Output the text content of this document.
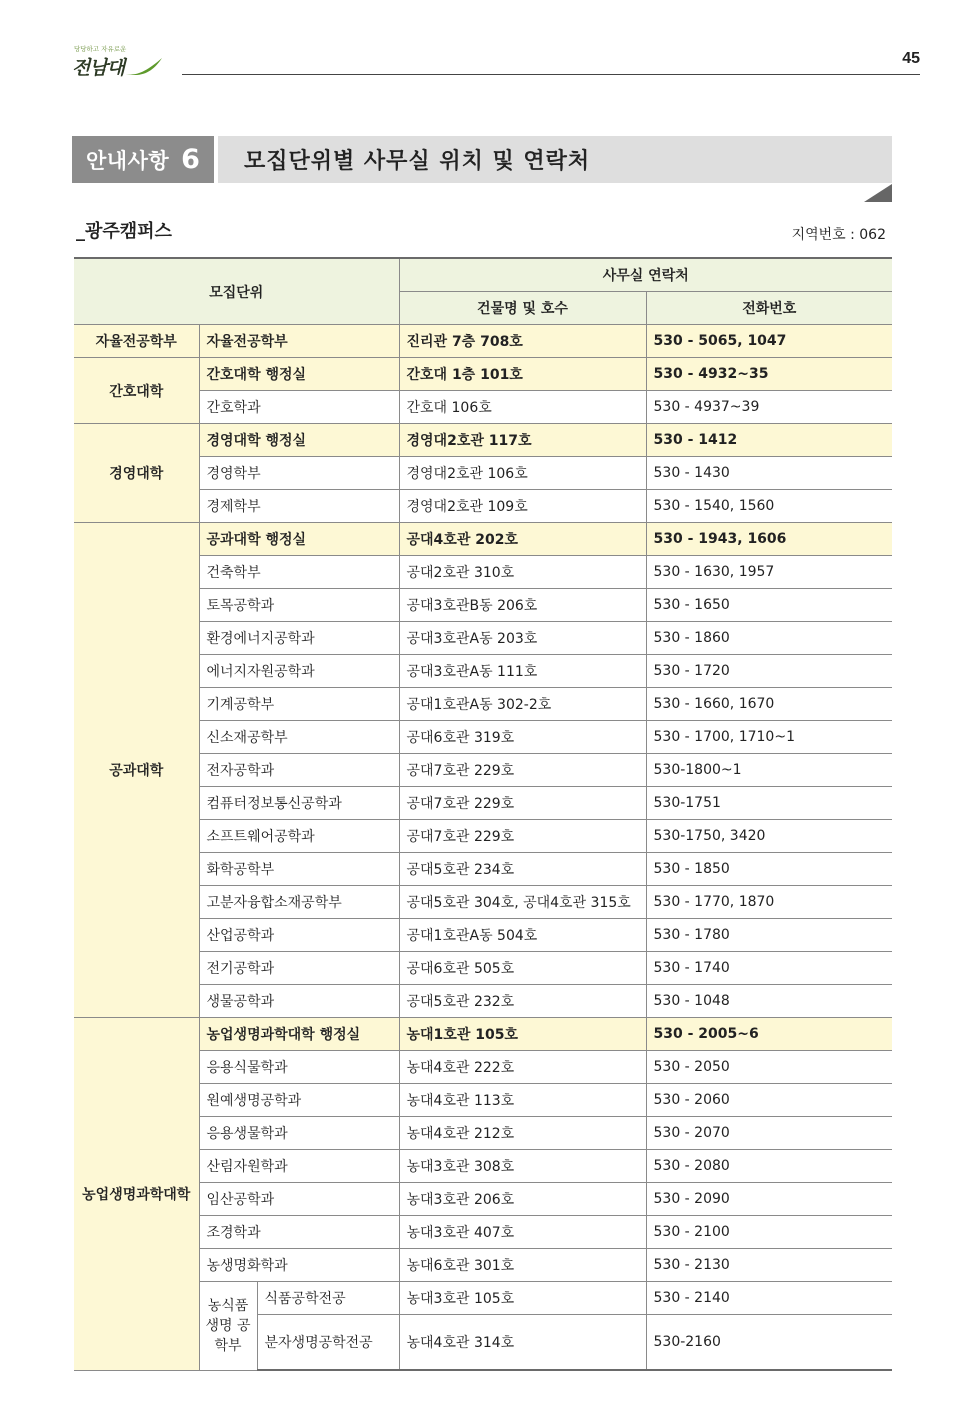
당당하고 자유로운
전남대	45
안내사항 6 모집단위별 사무실 위치 및 연락처
_광주캠퍼스	지역번호 : 062
모집단위			사무실 연락처	
			건물명 및 호수	전화번호
자율전공학부	자율전공학부		진리관 7층 708호	530 - 5065, 1047
간호대학	간호대학 행정실		간호대 1층 101호	530 - 4932~35
	간호학과		간호대 106호	530 - 4937~39
경영대학	경영대학 행정실		경영대2호관 117호	530 - 1412
	경영학부		경영대2호관 106호	530 - 1430
	경제학부		경영대2호관 109호	530 - 1540, 1560
공과대학	공과대학 행정실		공대4호관 202호	530 - 1943, 1606
	건축학부		공대2호관 310호	530 - 1630, 1957
	토목공학과		공대3호관B동 206호	530 - 1650
	환경에너지공학과		공대3호관A동 203호	530 - 1860
	에너지자원공학과		공대3호관A동 111호	530 - 1720
	기계공학부		공대1호관A동 302-2호	530 - 1660, 1670
	신소재공학부		공대6호관 319호	530 - 1700, 1710~1
	전자공학과		공대7호관 229호	530-1800~1
	컴퓨터정보통신공학과		공대7호관 229호	530-1751
	소프트웨어공학과		공대7호관 229호	530-1750, 3420
	화학공학부		공대5호관 234호	530 - 1850
	고분자융합소재공학부		공대5호관 304호, 공대4호관 315호	530 - 1770, 1870
	산업공학과		공대1호관A동 504호	530 - 1780
	전기공학과		공대6호관 505호	530 - 1740
	생물공학과		공대5호관 232호	530 - 1048
농업생명과학대학	농업생명과학대학 행정실		농대1호관 105호	530 - 2005~6
	응용식물학과		농대4호관 222호	530 - 2050
	원예생명공학과		농대4호관 113호	530 - 2060
	응용생물학과		농대4호관 212호	530 - 2070
	산림자원학과		농대3호관 308호	530 - 2080
	임산공학과		농대3호관 206호	530 - 2090
	조경학과		농대3호관 407호	530 - 2100
	농생명화학과		농대6호관 301호	530 - 2130
	농식품 생명 공학부	식품공학전공	농대3호관 105호	530 - 2140
		분자생명공학전공	농대4호관 314호	530-2160
